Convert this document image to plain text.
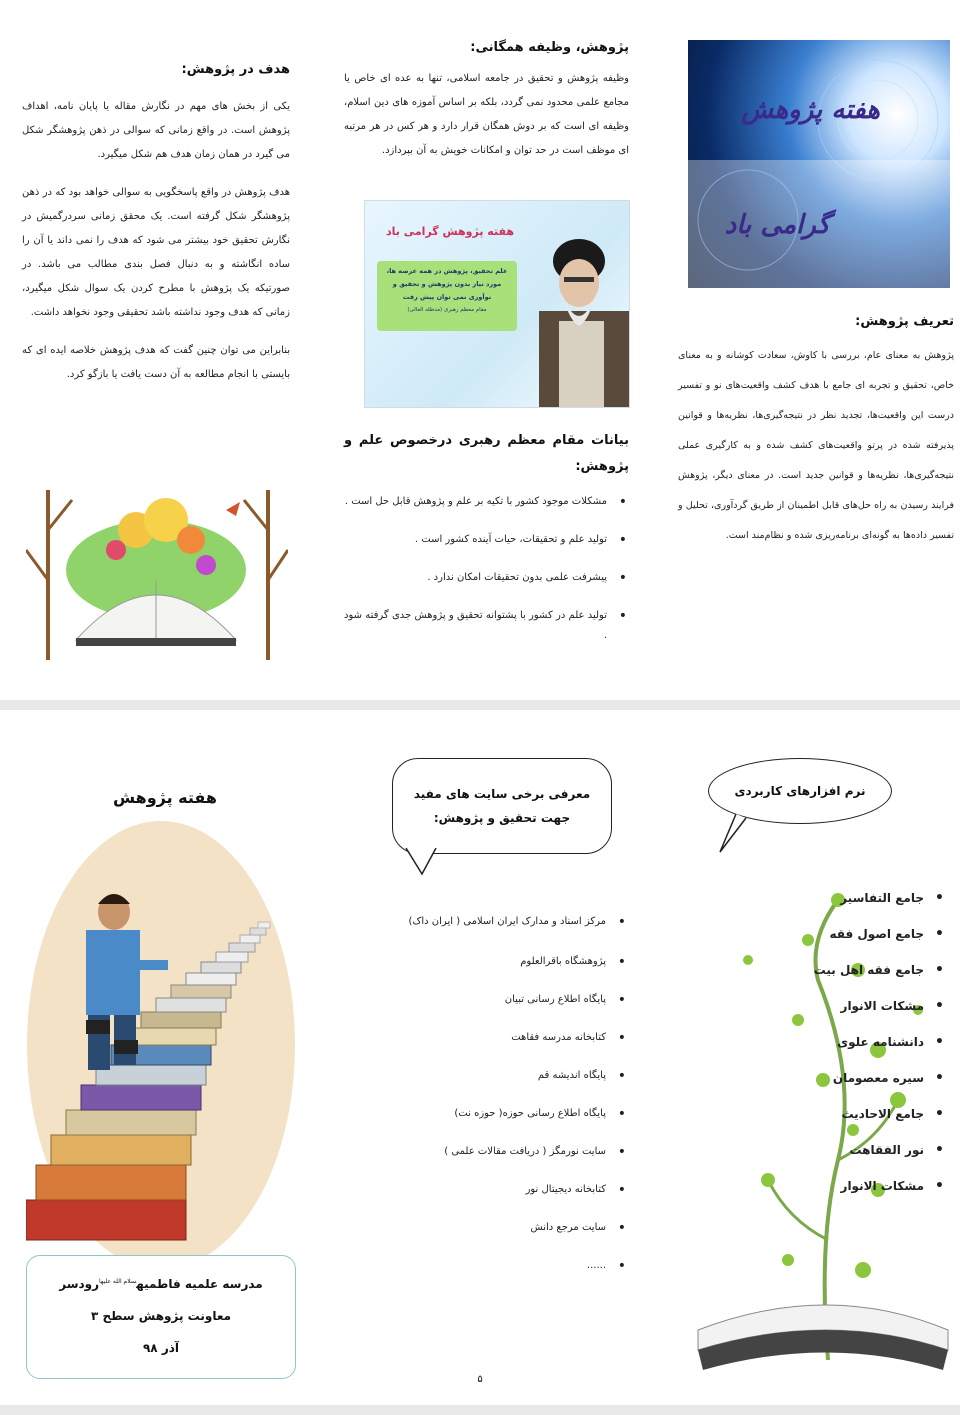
هفته پژوهش
گرامی باد
تعریف پژوهش:
پژوهش به معنای عام، بررسی با کاوش، سعادت کوشانه و به معنای خاص، تحقیق و تجربه ای جامع با هدف کشف واقعیت‌های نو و تفسیر درست این واقعیت‌ها، تجدید نظر در نتیجه‌گیری‌ها، نظریه‌ها و قوانین پذیرفته شده در پرتو واقعیت‌های کشف شده و به کارگیری عملی نتیجه‌گیری‌ها، نظریه‌ها و قوانین جدید است. در معنای دیگر، پژوهش فرایند رسیدن به راه حل‌های قابل اطمینان از طریق گردآوری، تحلیل و تفسیر داده‌ها به گونه‌ای برنامه‌ریزی شده و نظام‌مند است.
پژوهش، وظیفه همگانی:
وظیفه پژوهش و تحقیق در جامعه اسلامی، تنها به عده ای خاص یا مجامع علمی محدود نمی گردد، بلکه بر اساس آموزه های دین اسلام، وظیفه ای است که بر دوش همگان قرار دارد و هر کس در هر مرتبه ای موظف است در حد توان و امکانات خویش به آن بپردازد.
هفته پژوهش گرامی باد
علم تحقیق، پژوهش در همه عرصه ها، مورد نیاز بدون پژوهش و تحقیق و نوآوری نمی توان پیش رفت
مقام معظم رهبری (مدظله العالی)
بیانات مقام معظم رهبری درخصوص علم و پژوهش:
• مشکلات موجود کشور با تکیه بر علم و پژوهش قابل حل است .
• تولید علم و تحقیقات، حیات آینده کشور است .
• پیشرفت علمی بدون تحقیقات امکان ندارد .
• تولید علم در کشور با پشتوانه تحقیق و پژوهش جدی گرفته شود .
هدف در پژوهش:
یکی از بخش های مهم در نگارش مقاله یا پایان نامه، اهداف پژوهش است. در واقع زمانی که سوالی در ذهن پژوهشگر شکل می گیرد در همان زمان هدف هم شکل میگیرد.
هدف پژوهش در واقع پاسخگویی به سوالی خواهد بود که در ذهن پژوهشگر شکل گرفته است. یک محقق زمانی سردرگمیش در نگارش تحقیق خود بیشتر می شود که هدف را نمی داند یا آن را ساده انگاشته و به دنبال فصل بندی مطالب می باشد. در صورتیکه یک پژوهش با مطرح کردن یک سوال شکل میگیرد، زمانی که هدف وجود نداشته باشد تحقیقی وجود نخواهد داشت.
بنابراین می توان چنین گفت که هدف پژوهش خلاصه ایده ای که بایستی با انجام مطالعه به آن دست یافت یا بازگو کرد.
نرم افزارهای کاربردی
• جامع التفاسیر
• جامع اصول فقه
• جامع فقه اهل بیت
• مشکات الانوار
• دانشنامه علوی
• سیره معصومان
• جامع الاحادیث
• نور الفقاهت
• مشکات الانوار
معرفی برخی سایت های مفید جهت تحقیق و پژوهش:
• مرکز اسناد و مدارک ایران اسلامی ( ایران داک)
• پژوهشگاه باقرالعلوم
• پایگاه اطلاع رسانی تبیان
• کتابخانه مدرسه فقاهت
• پایگاه اندیشه قم
• پایگاه اطلاع رسانی حوزه( حوزه نت)
• سایت نورمگز ( دریافت مقالات علمی )
• کتابخانه دیجیتال نور
• سایت مرجع دانش
• ......
هفته پژوهش
مدرسه علمیه فاطمیه$^{سلام الله علیها}$رودسر
معاونت پژوهش سطح ۳
آذر ۹۸
۵
